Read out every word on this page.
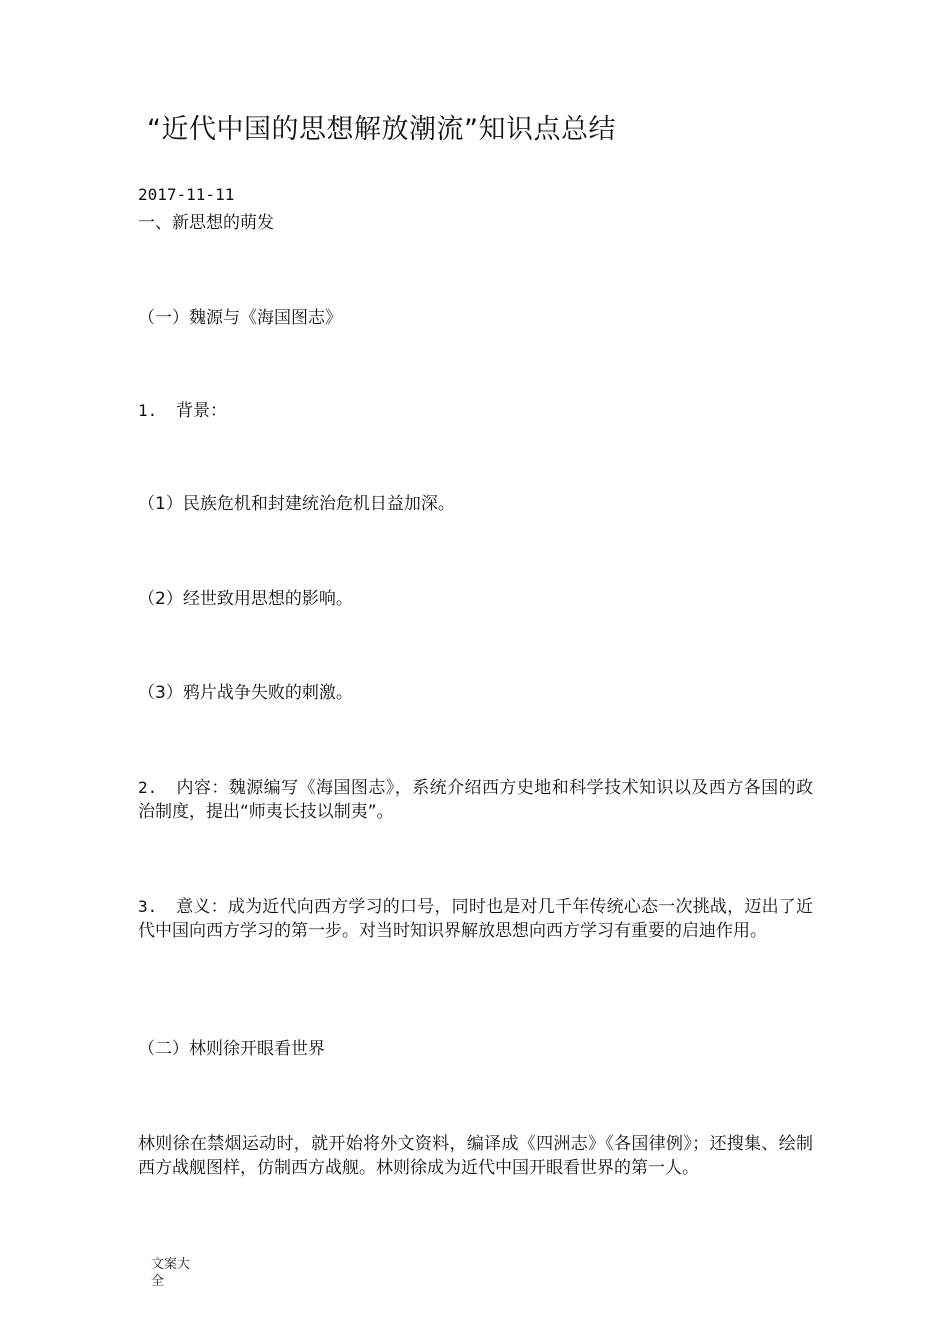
“近代中国的思想解放潮流”知识点总结
2017-11-11
一、新思想的萌发
（一）魏源与《海国图志》
1. 背景：
（1）民族危机和封建统治危机日益加深。
（2）经世致用思想的影响。
（3）鸦片战争失败的刺激。
2. 内容：魏源编写《海国图志》，系统介绍西方史地和科学技术知识以及西方各国的政治制度，提出“师夷长技以制夷”。
3. 意义：成为近代向西方学习的口号，同时也是对几千年传统心态一次挑战，迈出了近代中国向西方学习的第一步。对当时知识界解放思想向西方学习有重要的启迪作用。
（二）林则徐开眼看世界
林则徐在禁烟运动时，就开始将外文资料，编译成《四洲志》《各国律例》；还搜集、绘制西方战舰图样，仿制西方战舰。林则徐成为近代中国开眼看世界的第一人。
文案大全
